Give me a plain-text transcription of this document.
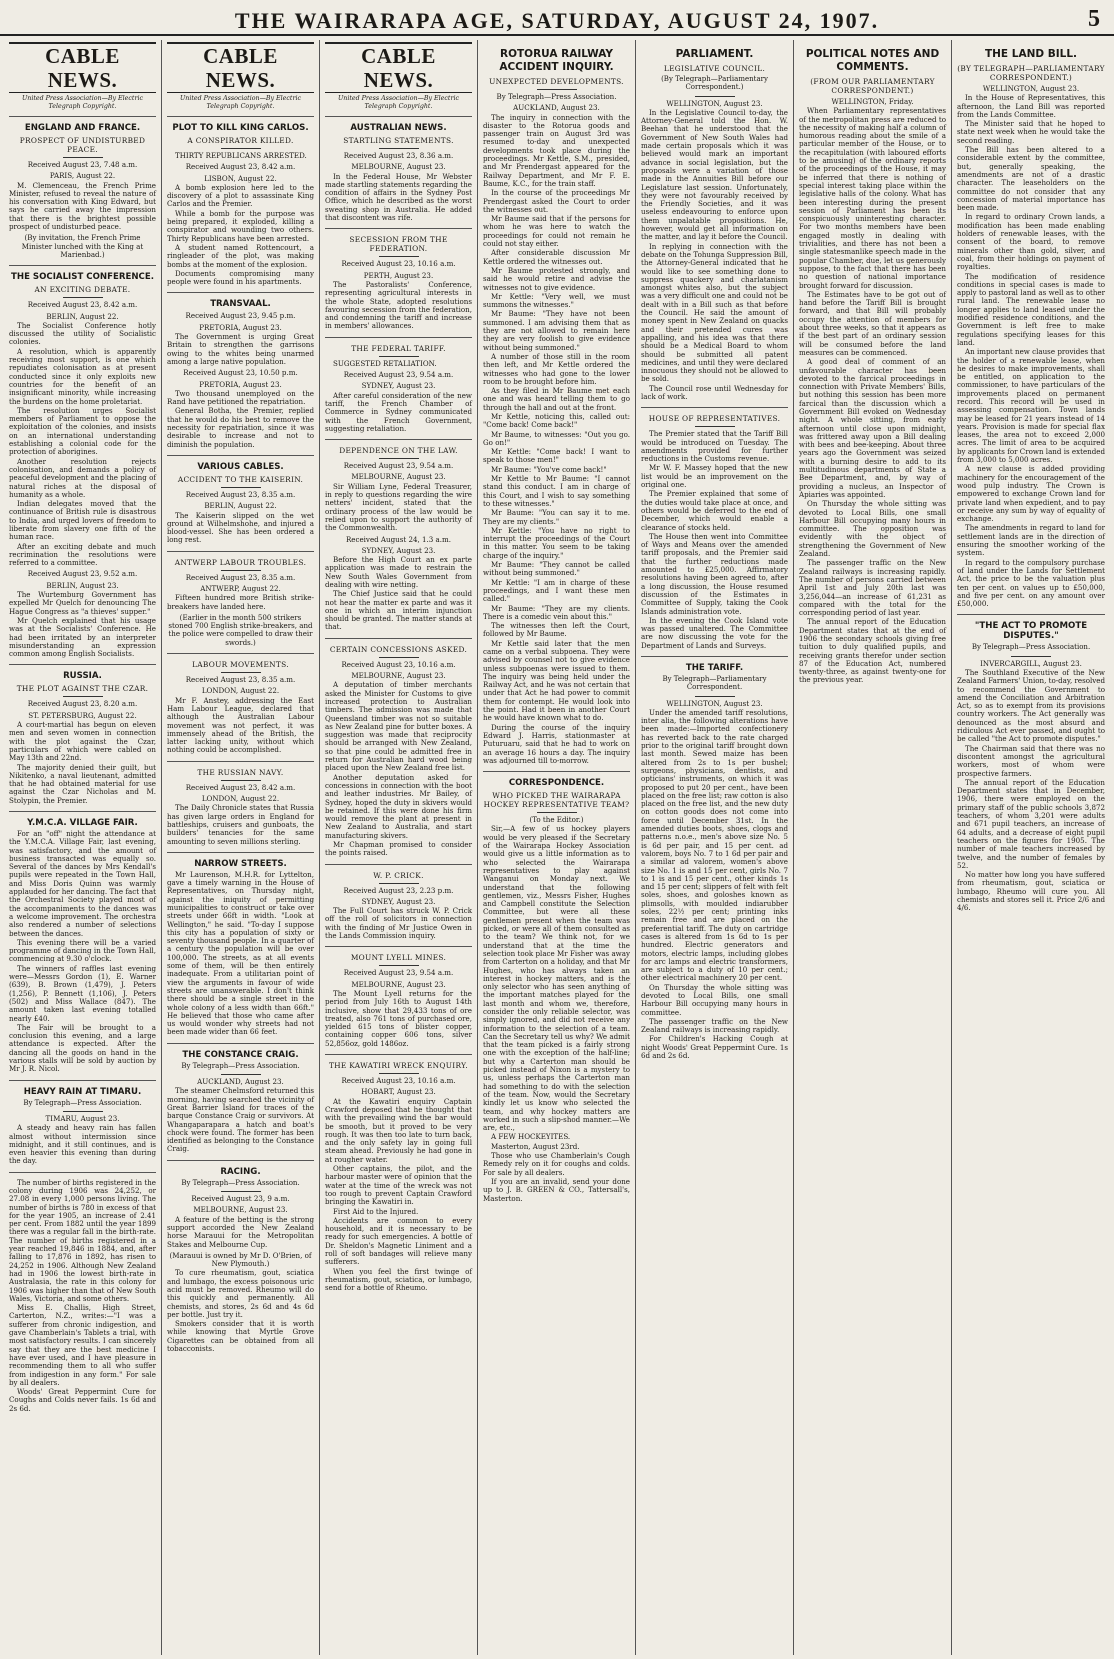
THE WAIRARAPA AGE, SATURDAY, AUGUST 24, 1907.	5
CABLE NEWS.
United Press Association—By Electric Telegraph Copyright.
ENGLAND AND FRANCE.
PROSPECT OF UNDISTURBED PEACE.

Received August 23, 7.48 a.m.

PARIS, August 22.

M. Clemenceau, the French Prime Minister, refused to reveal the nature of his conversation with King Edward, but says he carried away the impression that there is the brightest possible prospect of undisturbed peace.

(By invitation, the French Prime Minister lunched with the King at Marienbad.)

THE SOCIALIST CONFERENCE.
AN EXCITING DEBATE.

Received August 23, 8.42 a.m.

BERLIN, August 22.

The Socialist Conference hotly discussed the utility of Socialistic colonies.

A resolution, which is apparently receiving most support, is one which repudiates colonisation as at present conducted since it only exploits new countries for the benefit of an insignificant minority, while increasing the burdens on the home proletariat.

The resolution urges Socialist members of Parliament to oppose the exploitation of the colonies, and insists on an international understanding establishing a colonial code for the protection of aborigines.

Another resolution rejects colonisation, and demands a policy of peaceful development and the placing of natural riches at the disposal of humanity as a whole.

Indian delegates moved that the continuance of British rule is disastrous to India, and urged lovers of freedom to liberate from slavery one fifth of the human race.

After an exciting debate and much recrimination the resolutions were referred to a committee.

Received August 23, 9.52 a.m.

BERLIN, August 23.

The Wurtemburg Government has expelled Mr Quelch for denouncing The Hague Congress as "a thieves' supper."

Mr Quelch explained that his usage was at the Socialists' Conference. He had been irritated by an interpreter misunderstanding an expression common among English Socialists.

RUSSIA.
THE PLOT AGAINST THE CZAR.

Received August 23, 8.20 a.m.

ST. PETERSBURG, August 22.

A court-martial has begun on eleven men and seven women in connection with the plot against the Czar, particulars of which were cabled on May 13th and 22nd.

The majority denied their guilt, but Nikitenko, a naval lieutenant, admitted that he had obtained material for use against the Czar Nicholas and M. Stolypin, the Premier.

Y.M.C.A. VILLAGE FAIR.

For an "off" night the attendance at the Y.M.C.A. Village Fair, last evening, was satisfactory, and the amount of business transacted was equally so. Several of the dances by Mrs Kendall's pupils were repeated in the Town Hall, and Miss Doris Quinn was warmly applauded for her dancing. The fact that the Orchestral Society played most of the accompaniments to the dances was a welcome improvement. The orchestra also rendered a number of selections between the dances.

This evening there will be a varied programme of dancing in the Town Hall, commencing at 9.30 o'clock.

The winners of raffles last evening were—Messrs Gordon (1), E. Warner (639), B. Brown (1,479), J. Peters (1,256), P. Bennett (1,106), J. Peters (502) and Miss Wallace (847). The amount taken last evening totalled nearly £40.

The Fair will be brought to a conclusion this evening, and a large attendance is expected. After the dancing all the goods on hand in the various stalls will be sold by auction by Mr J. R. Nicol.

HEAVY RAIN AT TIMARU.
By Telegraph—Press Association.

TIMARU, August 23.

A steady and heavy rain has fallen almost without intermission since midnight, and it still continues, and is even heavier this evening than during the day.

The number of births registered in the colony during 1906 was 24,252, or 27.08 in every 1,000 persons living. The number of births is 780 in excess of that for the year 1905, an increase of 2.41 per cent. From 1882 until the year 1899 there was a regular fall in the birth-rate. The number of births registered in a year reached 19,846 in 1884, and, after falling to 17,876 in 1892, has risen to 24,252 in 1906. Although New Zealand had in 1906 the lowest birth-rate in Australasia, the rate in this colony for 1906 was higher than that of New South Wales, Victoria, and some others.

Miss E. Challis, High Street, Carterton, N.Z., writes:—"I was a sufferer from chronic indigestion, and gave Chamberlain's Tablets a trial, with most satisfactory results. I can sincerely say that they are the best medicine I have ever used, and I have pleasure in recommending them to all who suffer from indigestion in any form." For sale by all dealers.

Woods' Great Peppermint Cure for Coughs and Colds never fails. 1s 6d and 2s 6d.

CABLE NEWS.
United Press Association—By Electric Telegraph Copyright.
PLOT TO KILL KING CARLOS.
A CONSPIRATOR KILLED.

THIRTY REPUBLICANS ARRESTED.

Received August 23, 8.42 a.m.

LISBON, August 22.

A bomb explosion here led to the discovery of a plot to assassinate King Carlos and the Premier.

While a bomb for the purpose was being prepared, it exploded, killing a conspirator and wounding two others. Thirty Republicans have been arrested.

A student named Rottencourt, a ringleader of the plot, was making bombs at the moment of the explosion.

Documents compromising many people were found in his apartments.

TRANSVAAL.

Received August 23, 9.45 p.m.

PRETORIA, August 23.

The Government is urging Great Britain to strengthen the garrisons owing to the whites being unarmed among a large native population.

Received August 23, 10.50 p.m.

PRETORIA, August 23.

Two thousand unemployed on the Rand have petitioned the repatriation.

General Botha, the Premier, replied that he would do his best to remove the necessity for repatriation, since it was desirable to increase and not to diminish the population.

VARIOUS CABLES.
ACCIDENT TO THE KAISERIN.

Received August 23, 8.35 a.m.

BERLIN, August 22.

The Kaiserin slipped on the wet ground at Wilhelmshohe, and injured a blood-vessel. She has been ordered a long rest.

ANTWERP LABOUR TROUBLES.

Received August 23, 8.35 a.m.

ANTWERP, August 22.

Fifteen hundred more British strike-breakers have landed here.

(Earlier in the month 500 strikers stoned 700 English strike-breakers, and the police were compelled to draw their swords.)

LABOUR MOVEMENTS.

Received August 23, 8.35 a.m.

LONDON, August 22.

Mr F. Anstey, addressing the East Ham Labour League, declared that although the Australian Labour movement was not perfect, it was immensely ahead of the British, the latter lacking unity, without which nothing could be accomplished.

THE RUSSIAN NAVY.

Received August 23, 8.42 a.m.

LONDON, August 22.

The Daily Chronicle states that Russia has given large orders in England for battleships, cruisers and gunboats, the builders' tenancies for the same amounting to seven millions sterling.

NARROW STREETS.

Mr Laurenson, M.H.R. for Lyttelton, gave a timely warning in the House of Representatives, on Thursday night, against the iniquity of permitting municipalities to construct or take over streets under 66ft in width. "Look at Wellington," he said. "To-day I suppose this city has a population of sixty or seventy thousand people. In a quarter of a century the population will be over 100,000. The streets, as at all events some of them, will be then entirely inadequate. From a utilitarian point of view the arguments in favour of wide streets are unanswerable. I don't think there should be a single street in the whole colony of a less width than 66ft." He believed that those who came after us would wonder why streets had not been made wider than 66 feet.

THE CONSTANCE CRAIG.
By Telegraph—Press Association.

AUCKLAND, August 23.

The steamer Chelmsford returned this morning, having searched the vicinity of Great Barrier Island for traces of the barque Constance Craig or survivors. At Whangaparapara a hatch and boat's chock were found. The former has been identified as belonging to the Constance Craig.

RACING.
By Telegraph—Press Association.

Received August 23, 9 a.m.

MELBOURNE, August 23.

A feature of the betting is the strong support accorded the New Zealand horse Marauui for the Metropolitan Stakes and Melbourne Cup.

(Marauui is owned by Mr D. O'Brien, of New Plymouth.)

To cure rheumatism, gout, sciatica and lumbago, the excess poisonous uric acid must be removed. Rheumo will do this quickly and permanently. All chemists, and stores, 2s 6d and 4s 6d per bottle. Just try it.

Smokers consider that it is worth while knowing that Myrtle Grove Cigarettes can be obtained from all tobacconists.

CABLE NEWS.
United Press Association—By Electric Telegraph Copyright.
AUSTRALIAN NEWS.
STARTLING STATEMENTS.

Received August 23, 8.36 a.m.

MELBOURNE, August 23.

In the Federal House, Mr Webster made startling statements regarding the condition of affairs in the Sydney Post Office, which he described as the worst sweating shop in Australia. He added that discontent was rife.

SECESSION FROM THE FEDERATION.

Received August 23, 10.16 a.m.

PERTH, August 23.

The Pastoralists' Conference, representing agricultural interests in the whole State, adopted resolutions favouring secession from the federation, and condemning the tariff and increase in members' allowances.

THE FEDERAL TARIFF.

SUGGESTED RETALIATION.

Received August 23, 9.54 a.m.

SYDNEY, August 23.

After careful consideration of the new tariff, the French Chamber of Commerce in Sydney communicated with the French Government, suggesting retaliation.

DEPENDENCE ON THE LAW.

Received August 23, 9.54 a.m.

MELBOURNE, August 23.

Sir William Lyne, Federal Treasurer, in reply to questions regarding the wire netters' incident, stated that the ordinary process of the law would be relied upon to support the authority of the Commonwealth.

Received August 24, 1.3 a.m.

SYDNEY, August 23.

Before the High Court an ex parte application was made to restrain the New South Wales Government from dealing with wire netting.

The Chief Justice said that he could not hear the matter ex parte and was it one in which an interim injunction should be granted. The matter stands at that.

CERTAIN CONCESSIONS ASKED.

Received August 23, 10.16 a.m.

MELBOURNE, August 23.

A deputation of timber merchants asked the Minister for Customs to give increased protection to Australian timbers. The admission was made that Queensland timber was not so suitable as New Zealand pine for butter boxes. A suggestion was made that reciprocity should be arranged with New Zealand, so that pine could be admitted free in return for Australian hard wood being placed upon the New Zealand free list.

Another deputation asked for concessions in connection with the boot and leather industries. Mr Bailey, of Sydney, hoped the duty in skivers would be retained. If this were done his firm would remove the plant at present in New Zealand to Australia, and start manufacturing skivers.

Mr Chapman promised to consider the points raised.

W. P. CRICK.

Received August 23, 2.23 p.m.

SYDNEY, August 23.

The Full Court has struck W. P. Crick off the roll of solicitors in connection with the finding of Mr Justice Owen in the Lands Commission inquiry.

MOUNT LYELL MINES.

Received August 23, 9.54 a.m.

MELBOURNE, August 23.

The Mount Lyell returns for the period from July 16th to August 14th inclusive, show that 29,433 tons of ore treated, also 761 tons of purchased ore, yielded 615 tons of blister copper, containing copper 606 tons, silver 52,856oz, gold 1486oz.

THE KAWATIRI WRECK ENQUIRY.

Received August 23, 10.16 a.m.

HOBART, August 23.

At the Kawatiri enquiry Captain Crawford deposed that he thought that with the prevailing wind the bar would be smooth, but it proved to be very rough. It was then too late to turn back, and the only safety lay in going full steam ahead. Previously he had gone in at rougher water.

Other captains, the pilot, and the harbour master were of opinion that the water at the time of the wreck was not too rough to prevent Captain Crawford bringing the Kawatiri in.

First Aid to the Injured.

Accidents are common to every household, and it is necessary to be ready for such emergencies. A bottle of Dr. Sheldon's Magnetic Liniment and a roll of soft bandages will relieve many sufferers.

When you feel the first twinge of rheumatism, gout, sciatica, or lumbago, send for a bottle of Rheumo.

ROTORUA RAILWAY ACCIDENT INQUIRY.
UNEXPECTED DEVELOPMENTS.

By Telegraph—Press Association.

AUCKLAND, August 23.

The inquiry in connection with the disaster to the Rotorua goods and passenger train on August 3rd was resumed to-day and unexpected developments took place during the proceedings. Mr Kettle, S.M., presided, and Mr Prendergast appeared for the Railway Department, and Mr F. E. Baume, K.C., for the train staff.

In the course of the proceedings Mr Prendergast asked the Court to order the witnesses out.

Mr Baume said that if the persons for whom he was here to watch the proceedings for could not remain he could not stay either.

After considerable discussion Mr Kettle ordered the witnesses out.

Mr Baume protested strongly, and said he would retire and advise the witnesses not to give evidence.

Mr Kettle: "Very well, we must summons the witnesses."

Mr Baume: "They have not been summoned. I am advising them that as they are not allowed to remain here they are very foolish to give evidence without being summoned."

A number of those still in the room then left, and Mr Kettle ordered the witnesses who had gone to the lower room to be brought before him.

As they filed in Mr Baume met each one and was heard telling them to go through the hall and out at the front.

Mr Kettle, noticing this, called out: "Come back! Come back!"

Mr Baume, to witnesses: "Out you go. Go on!"

Mr Kettle: "Come back! I want to speak to those men!"

Mr Baume: "You've come back!"

Mr Kettle to Mr Baume: "I cannot stand this conduct. I am in charge of this Court, and I wish to say something to these witnesses."

Mr Baume: "You can say it to me. They are my clients."

Mr Kettle: "You have no right to interrupt the proceedings of the Court in this matter. You seem to be taking charge of the inquiry."

Mr Baume: "They cannot be called without being summoned."

Mr Kettle: "I am in charge of these proceedings, and I want these men called."

Mr Baume: "They are my clients. There is a comedic vein about this."

The witnesses then left the Court, followed by Mr Baume.

Mr Kettle said later that the men came on a verbal subpoena. They were advised by counsel not to give evidence unless subpoenas were issued to them. The inquiry was being held under the Railway Act, and he was not certain that under that Act he had power to commit them for contempt. He would look into the point. Had it been in another Court he would have known what to do.

During the course of the inquiry Edward J. Harris, stationmaster at Puturuaru, said that he had to work on an average 16 hours a day. The inquiry was adjourned till to-morrow.

CORRESPONDENCE.
WHO PICKED THE WAIRARAPA HOCKEY REPRESENTATIVE TEAM?

(To the Editor.)

Sir,—A few of us hockey players would be very pleased if the Secretary of the Wairarapa Hockey Association would give us a little information as to who selected the Wairarapa representatives to play against Wanganui on Monday next. We understand that the following gentlemen, viz., Messrs Fisher, Hughes and Campbell constitute the Selection Committee, but were all these gentlemen present when the team was picked, or were all of them consulted as to the team? We think not, for we understand that at the time the selection took place Mr Fisher was away from Carterton on a holiday, and that Mr Hughes, who has always taken an interest in hockey matters, and is the only selector who has seen anything of the important matches played for the last month and whom we, therefore, consider the only reliable selector, was simply ignored, and did not receive any information to the selection of a team. Can the Secretary tell us why? We admit that the team picked is a fairly strong one with the exception of the half-line; but why a Carterton man should be picked instead of Nixon is a mystery to us, unless perhaps the Carterton man had something to do with the selection of the team. Now, would the Secretary kindly let us know who selected the team, and why hockey matters are worked in such a slip-shod manner.—We are, etc.,

A FEW HOCKEYITES.

Masterton, August 23rd.

Those who use Chamberlain's Cough Remedy rely on it for coughs and colds. For sale by all dealers.

If you are an invalid, send your done up to J. B. GREEN & CO., Tattersall's, Masterton.

PARLIAMENT.
LEGISLATIVE COUNCIL.
(By Telegraph—Parliamentary Correspondent.)

WELLINGTON, August 23.

In the Legislative Council to-day, the Attorney-General told the Hon. W. Beehan that he understood that the Government of New South Wales had made certain proposals which it was believed would mark an important advance in social legislation, but the proposals were a variation of those made in the Annuities Bill before our Legislature last session. Unfortunately, they were not favourably received by the Friendly Societies, and it was useless endeavouring to enforce upon them unpalatable propositions. He, however, would get all information on the matter, and lay it before the Council.

In replying in connection with the debate on the Tohunga Suppression Bill, the Attorney-General indicated that he would like to see something done to suppress quackery and charlatanism amongst whites also, but the subject was a very difficult one and could not be dealt with in a Bill such as that before the Council. He said the amount of money spent in New Zealand on quacks and their pretended cures was appalling, and his idea was that there should be a Medical Board to whom should be submitted all patent medicines, and until they were declared innocuous they should not be allowed to be sold.

The Council rose until Wednesday for lack of work.

HOUSE OF REPRESENTATIVES.

The Premier stated that the Tariff Bill would be introduced on Tuesday. The amendments provided for further reductions in the Customs revenue.

Mr W. F. Massey hoped that the new list would be an improvement on the original one.

The Premier explained that some of the duties would take place at once, and others would be deferred to the end of December, which would enable a clearance of stocks held.

The House then went into Committee of Ways and Means over the amended tariff proposals, and the Premier said that the further reductions made amounted to £25,000. Affirmatory resolutions having been agreed to, after a long discussion, the House resumed discussion of the Estimates in Committee of Supply, taking the Cook Islands administration vote.

In the evening the Cook Island vote was passed unaltered. The Committee are now discussing the vote for the Department of Lands and Surveys.

THE TARIFF.
By Telegraph—Parliamentary Correspondent.

WELLINGTON, August 23.

Under the amended tariff resolutions, inter alia, the following alterations have been made:—Imported confectionery has reverted back to the rate charged prior to the original tariff brought down last month. Sewed maize has been altered from 2s to 1s per bushel; surgeons, physicians, dentists, and opticians' instruments, on which it was proposed to put 20 per cent., have been placed on the free list; raw cotton is also placed on the free list, and the new duty on cotton goods does not come into force until December 31st. In the amended duties boots, shoes, clogs and patterns n.o.e., men's above size No. 5 is 6d per pair, and 15 per cent. ad valorem, boys No. 7 to 1 6d per pair and a similar ad valorem, women's above size No. 1 is and 15 per cent, girls No. 7 to 1 is and 15 per cent., other kinds 1s and 15 per cent; slippers of felt with felt soles, shoes, and goloshes known as plimsolls, with moulded indiarubber soles, 22½ per cent; printing inks remain free and are placed on the preferential tariff. The duty on cartridge cases is altered from 1s 6d to 1s per hundred. Electric generators and motors, electric lamps, including globes for arc lamps and electric transformers, are subject to a duty of 10 per cent.; other electrical machinery 20 per cent.

On Thursday the whole sitting was devoted to Local Bills, one small Harbour Bill occupying many hours in committee.

The passenger traffic on the New Zealand railways is increasing rapidly.

For Children's Hacking Cough at night Woods' Great Peppermint Cure. 1s 6d and 2s 6d.

POLITICAL NOTES AND COMMENTS.
(FROM OUR PARLIAMENTARY CORRESPONDENT.)

WELLINGTON, Friday.

When Parliamentary representatives of the metropolitan press are reduced to the necessity of making half a column of humorous reading about the smile of a particular member of the House, or to the recapitulation (with laboured efforts to be amusing) of the ordinary reports of the proceedings of the House, it may be inferred that there is nothing of special interest taking place within the legislative halls of the colony. What has been interesting during the present session of Parliament has been its conspicuously uninteresting character. For two months members have been engaged mostly in dealing with trivialities, and there has not been a single statesmanlike speech made in the popular Chamber, due, let us generously suppose, to the fact that there has been no question of national importance brought forward for discussion.

The Estimates have to be got out of hand before the Tariff Bill is brought forward, and that Bill will probably occupy the attention of members for about three weeks, so that it appears as if the best part of an ordinary session will be consumed before the land measures can be commenced.

A good deal of comment of an unfavourable character has been devoted to the farcical proceedings in connection with Private Members' Bills, but nothing this session has been more farcical than the discussion which a Government Bill evoked on Wednesday night. A whole sitting, from early afternoon until close upon midnight, was frittered away upon a Bill dealing with bees and bee-keeping. About three years ago the Government was seized with a burning desire to add to its multitudinous departments of State a Bee Department, and, by way of providing a nucleus, an Inspector of Apiaries was appointed.

On Thursday the whole sitting was devoted to Local Bills, one small Harbour Bill occupying many hours in committee. The opposition was evidently with the object of strengthening the Government of New Zealand.

The passenger traffic on the New Zealand railways is increasing rapidly. The number of persons carried between April 1st and July 20th last was 3,256,044—an increase of 61,231 as compared with the total for the corresponding period of last year.

The annual report of the Education Department states that at the end of 1906 the secondary schools giving free tuition to duly qualified pupils, and receiving grants therefor under section 87 of the Education Act, numbered twenty-three, as against twenty-one for the previous year.

THE LAND BILL.
(BY TELEGRAPH—PARLIAMENTARY CORRESPONDENT.)

WELLINGTON, August 23.

In the House of Representatives, this afternoon, the Land Bill was reported from the Lands Committee.

The Minister said that he hoped to state next week when he would take the second reading.

The Bill has been altered to a considerable extent by the committee, but, generally speaking, the amendments are not of a drastic character. The leaseholders on the committee do not consider that any concession of material importance has been made.

In regard to ordinary Crown lands, a modification has been made enabling holders of renewable leases, with the consent of the board, to remove minerals other than gold, silver, and coal, from their holdings on payment of royalties.

The modification of residence conditions in special cases is made to apply to pastoral land as well as to other rural land. The renewable lease no longer applies to land leased under the modified residence conditions, and the Government is left free to make regulations specifying leases for this land.

An important new clause provides that the holder of a renewable lease, when he desires to make improvements, shall be entitled, on application to the commissioner, to have particulars of the improvements placed on permanent record. This record will be used in assessing compensation. Town lands may be leased for 21 years instead of 14 years. Provision is made for special flax leases, the area not to exceed 2,000 acres. The limit of area to be acquired by applicants for Crown land is extended from 3,000 to 5,000 acres.

A new clause is added providing machinery for the encouragement of the wood pulp industry. The Crown is empowered to exchange Crown land for private land when expedient, and to pay or receive any sum by way of equality of exchange.

The amendments in regard to land for settlement lands are in the direction of ensuring the smoother working of the system.

In regard to the compulsory purchase of land under the Lands for Settlement Act, the price to be the valuation plus ten per cent. on values up to £50,000, and five per cent. on any amount over £50,000.

"THE ACT TO PROMOTE DISPUTES."
By Telegraph—Press Association.

INVERCARGILL, August 23.

The Southland Executive of the New Zealand Farmers' Union, to-day, resolved to recommend the Government to amend the Conciliation and Arbitration Act, so as to exempt from its provisions country workers. The Act generally was denounced as the most absurd and ridiculous Act ever passed, and ought to be called "the Act to promote disputes."

The Chairman said that there was no discontent amongst the agricultural workers, most of whom were prospective farmers.

The annual report of the Education Department states that in December, 1906, there were employed on the primary staff of the public schools 3,872 teachers, of whom 3,201 were adults and 671 pupil teachers, an increase of 64 adults, and a decrease of eight pupil teachers on the figures for 1905. The number of male teachers increased by twelve, and the number of females by 52.

No matter how long you have suffered from rheumatism, gout, sciatica or lumbago, Rheumo will cure you. All chemists and stores sell it. Price 2/6 and 4/6.
